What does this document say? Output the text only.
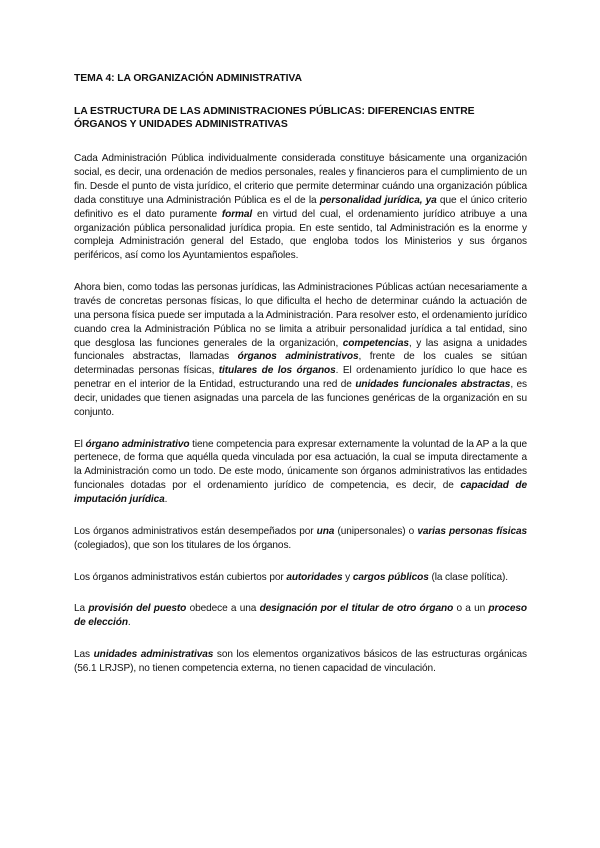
TEMA 4: LA ORGANIZACIÓN ADMINISTRATIVA
LA ESTRUCTURA DE LAS ADMINISTRACIONES PÚBLICAS: DIFERENCIAS ENTRE ÓRGANOS Y UNIDADES ADMINISTRATIVAS

Cada Administración Pública individualmente considerada constituye básicamente una organización social, es decir, una ordenación de medios personales, reales y financieros para el cumplimiento de un fin. Desde el punto de vista jurídico, el criterio que permite determinar cuándo una organización pública dada constituye una Administración Pública es el de la personalidad jurídica, ya que el único criterio definitivo es el dato puramente formal en virtud del cual, el ordenamiento jurídico atribuye a una organización pública personalidad jurídica propia. En este sentido, tal Administración es la enorme y compleja Administración general del Estado, que engloba todos los Ministerios y sus órganos periféricos, así como los Ayuntamientos españoles.

Ahora bien, como todas las personas jurídicas, las Administraciones Públicas actúan necesariamente a través de concretas personas físicas, lo que dificulta el hecho de determinar cuándo la actuación de una persona física puede ser imputada a la Administración. Para resolver esto, el ordenamiento jurídico cuando crea la Administración Pública no se limita a atribuir personalidad jurídica a tal entidad, sino que desglosa las funciones generales de la organización, competencias, y las asigna a unidades funcionales abstractas, llamadas órganos administrativos, frente de los cuales se sitúan determinadas personas físicas, titulares de los órganos. El ordenamiento jurídico lo que hace es penetrar en el interior de la Entidad, estructurando una red de unidades funcionales abstractas, es decir, unidades que tienen asignadas una parcela de las funciones genéricas de la organización en su conjunto.

El órgano administrativo tiene competencia para expresar externamente la voluntad de la AP a la que pertenece, de forma que aquélla queda vinculada por esa actuación, la cual se imputa directamente a la Administración como un todo. De este modo, únicamente son órganos administrativos las entidades funcionales dotadas por el ordenamiento jurídico de competencia, es decir, de capacidad de imputación jurídica.

Los órganos administrativos están desempeñados por una (unipersonales) o varias personas físicas (colegiados), que son los titulares de los órganos.

Los órganos administrativos están cubiertos por autoridades y cargos públicos (la clase política).

La provisión del puesto obedece a una designación por el titular de otro órgano o a un proceso de elección.

Las unidades administrativas son los elementos organizativos básicos de las estructuras orgánicas (56.1 LRJSP), no tienen competencia externa, no tienen capacidad de vinculación.
